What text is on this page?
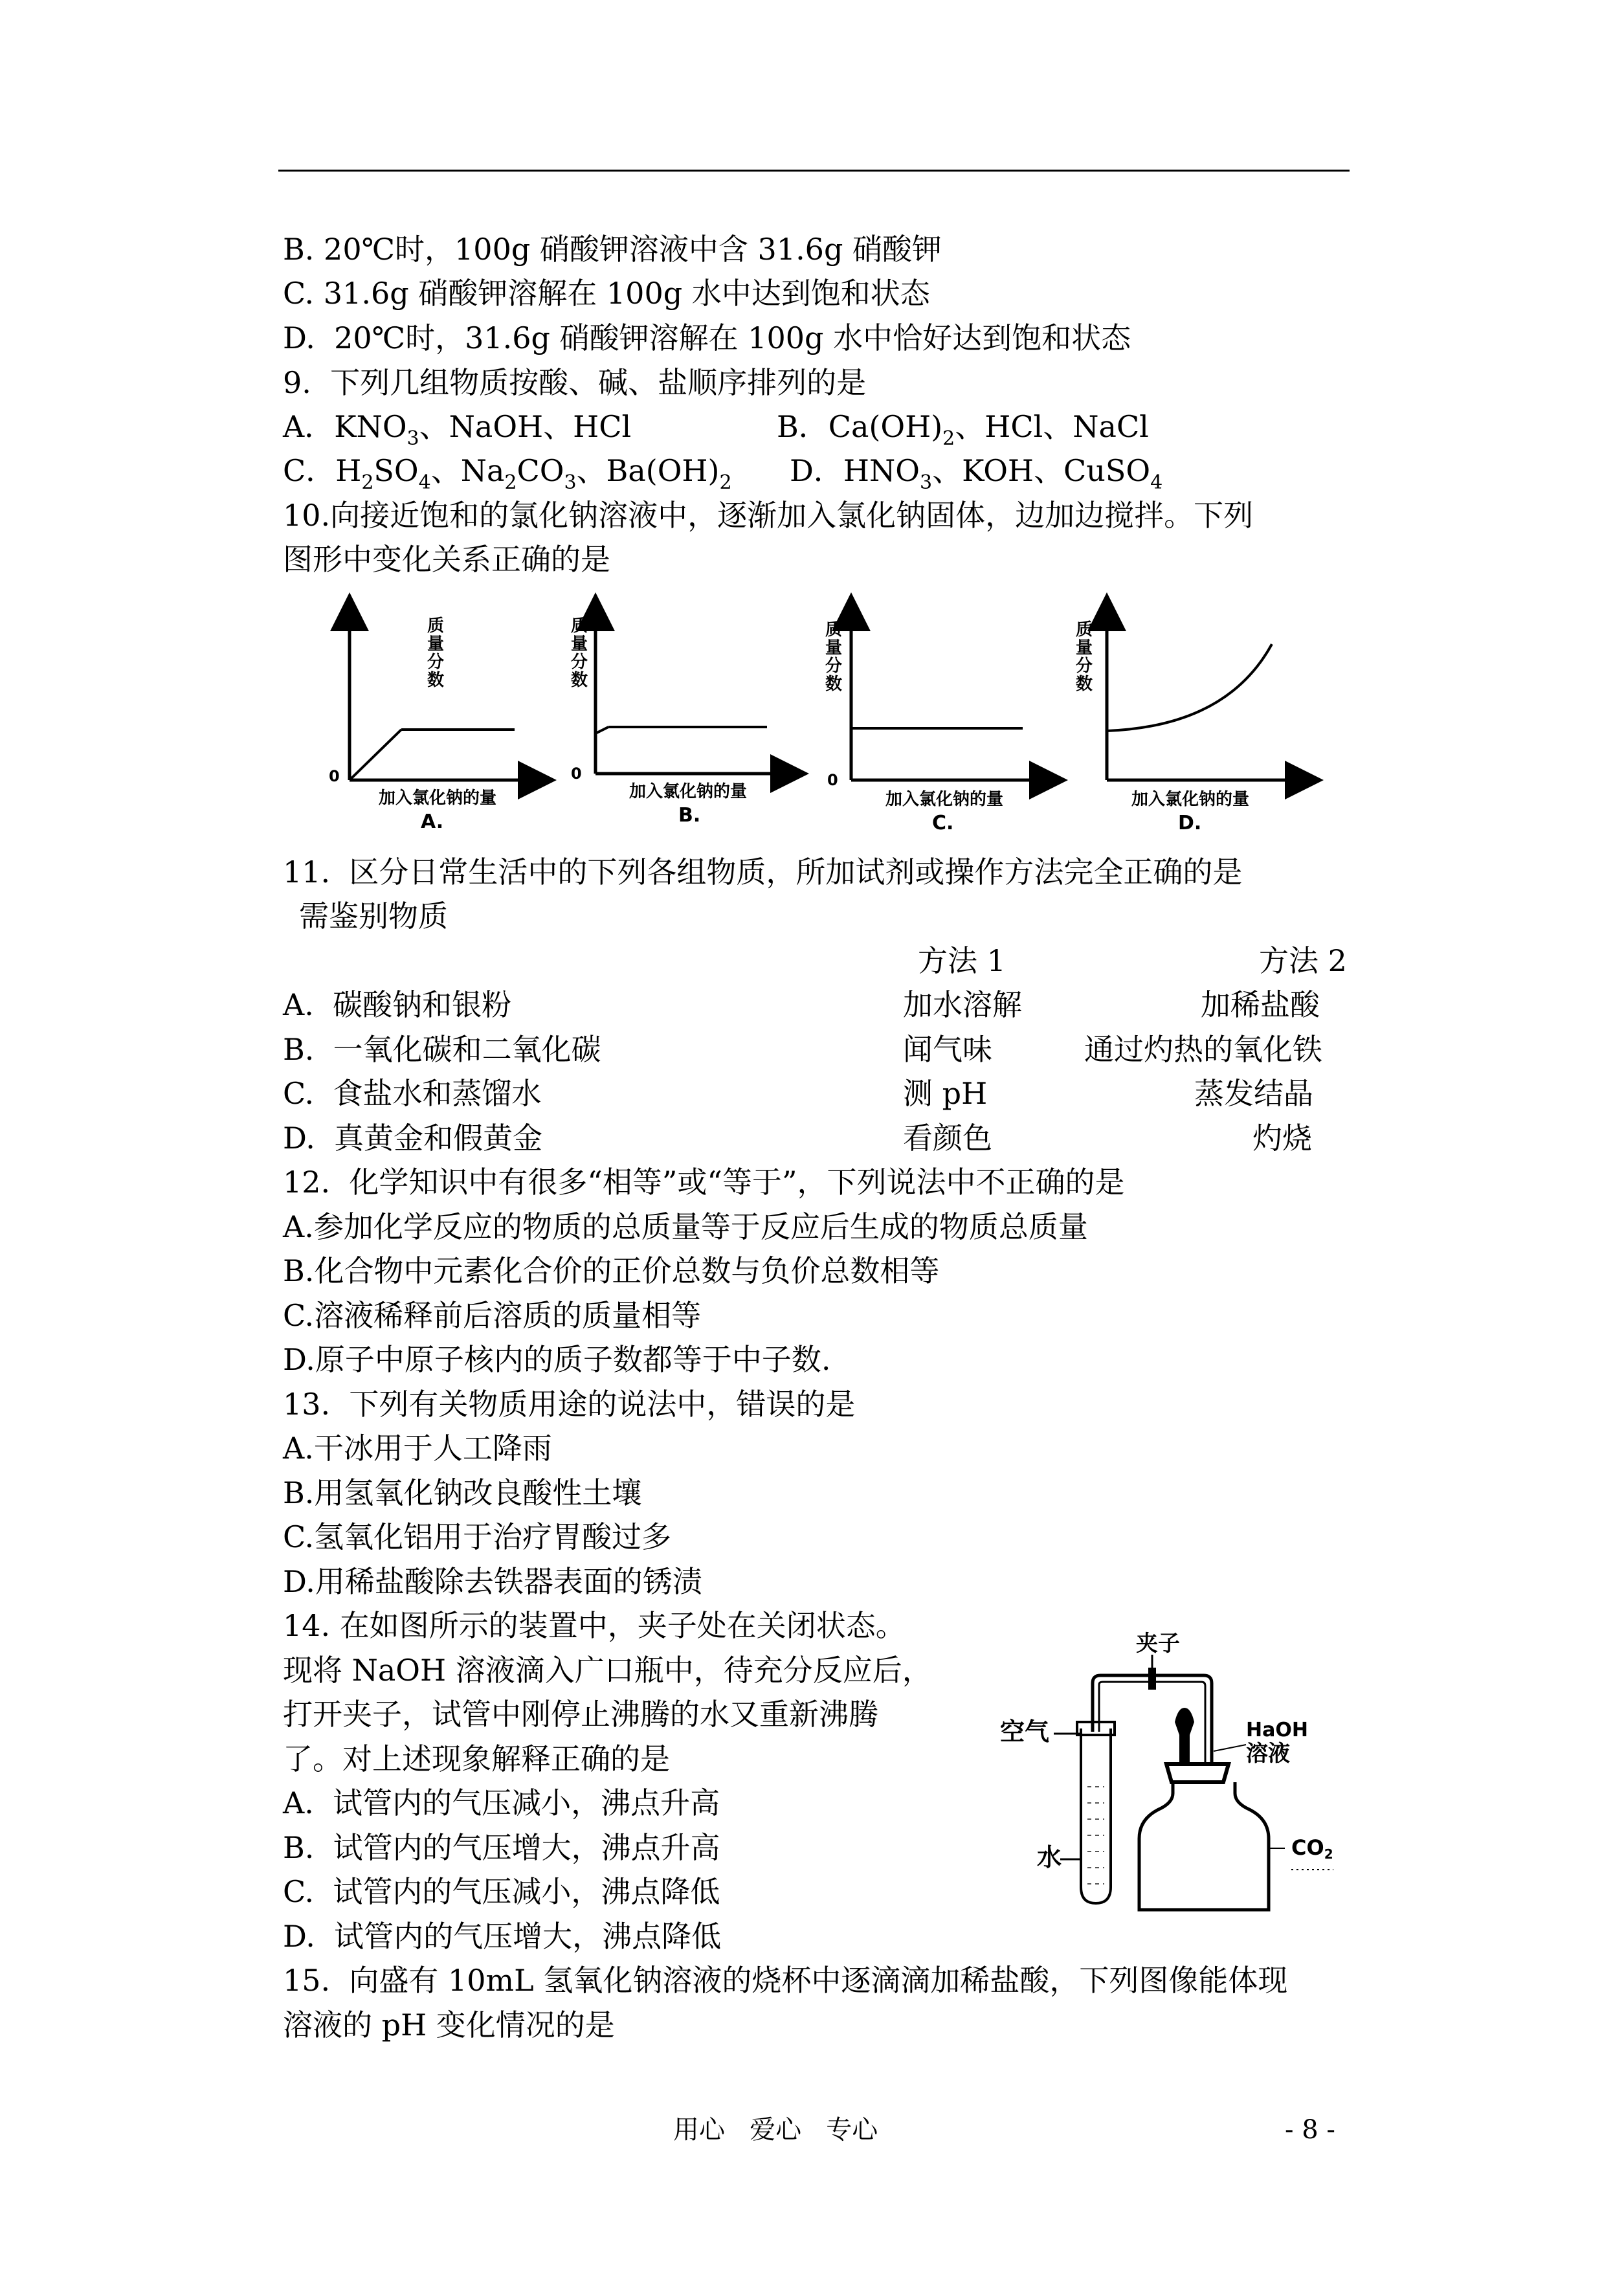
B. 20℃时，100g 硝酸钾溶液中含 31.6g 硝酸钾
C. 31.6g 硝酸钾溶解在 100g 水中达到饱和状态
D.  20℃时，31.6g 硝酸钾溶解在 100g 水中恰好达到饱和状态
9.  下列几组物质按酸、碱、盐顺序排列的是
A．$KNO_3$、NaOH、HCl	B．$Ca(OH)_2$、HCl、NaCl
C．$H_2SO_4$、$Na_2CO_3$、$Ba(OH)_2$ D．$HNO_3$、KOH、CuSO$_4$
10.向接近饱和的氯化钠溶液中，逐渐加入氯化钠固体，边加边搅拌。下列
图形中变化关系正确的是
0
质
量
分
数
加入氯化钠的量
A.
0
质
量
分
数
加入氯化钠的量
B.
0
质
量
分
数
加入氯化钠的量
C.
质
量
分
数
加入氯化钠的量
D.
11.  区分日常生活中的下列各组物质，所加试剂或操作方法完全正确的是
需鉴别物质
方法 1	方法 2
A.  碳酸钠和银粉	加水溶解	加稀盐酸
B.  一氧化碳和二氧化碳	闻气味	通过灼热的氧化铁
C.  食盐水和蒸馏水	测 pH	蒸发结晶
D.  真黄金和假黄金	看颜色	灼烧
12.  化学知识中有很多“相等”或“等于”，下列说法中不正确的是
A.参加化学反应的物质的总质量等于反应后生成的物质总质量
B.化合物中元素化合价的正价总数与负价总数相等
C.溶液稀释前后溶质的质量相等
D.原子中原子核内的质子数都等于中子数.
13.  下列有关物质用途的说法中，错误的是
A.干冰用于人工降雨
B.用氢氧化钠改良酸性土壤
C.氢氧化铝用于治疗胃酸过多
D.用稀盐酸除去铁器表面的锈渍
14. 在如图所示的装置中，夹子处在关闭状态。
现将 NaOH 溶液滴入广口瓶中，待充分反应后，
打开夹子，试管中刚停止沸腾的水又重新沸腾
了。对上述现象解释正确的是
A.  试管内的气压减小，沸点升高
B.  试管内的气压增大，沸点升高
C.  试管内的气压减小，沸点降低
D.  试管内的气压增大，沸点降低
夹子
空气
水
HaOH
溶液
CO2
15.  向盛有 10mL 氢氧化钠溶液的烧杯中逐滴滴加稀盐酸，下列图像能体现
溶液的 pH 变化情况的是
用心   爱心   专心	- 8 -
